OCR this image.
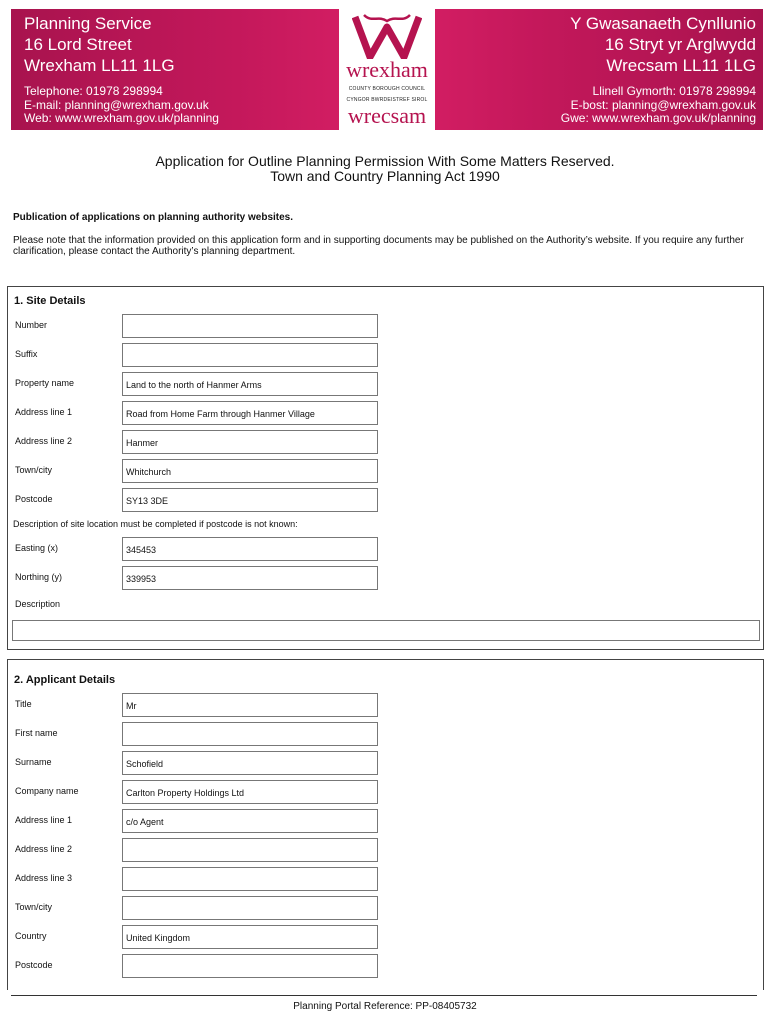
Planning Service

16 Lord Street

Wrexham LL11 1LG

Telephone: 01978 298994

E-mail: planning@wrexham.gov.uk

Web: www.wrexham.gov.uk/planning

wrexham
COUNTY BOROUGH COUNCIL
CYNGOR BWRDEISTREF SIROL
wrecsam

Y Gwasanaeth Cynllunio

16 Stryt yr Arglwydd

Wrecsam LL11 1LG

Llinell Gymorth: 01978 298994

E-bost: planning@wrexham.gov.uk

Gwe: www.wrexham.gov.uk/planning

Application for Outline Planning Permission With Some Matters Reserved.
Town and Country Planning Act 1990
Publication of applications on planning authority websites.
Please note that the information provided on this application form and in supporting documents may be published on the Authority’s website. If you require any further clarification, please contact the Authority’s planning department.
1. Site Details
Number
Suffix
Property name	Land to the north of Hanmer Arms
Address line 1	Road from Home Farm through Hanmer Village
Address line 2	Hanmer
Town/city	Whitchurch
Postcode	SY13 3DE
Description of site location must be completed if postcode is not known:
Easting (x)	345453
Northing (y)	339953
Description
2. Applicant Details
Title	Mr
First name
Surname	Schofield
Company name	Carlton Property Holdings Ltd
Address line 1	c/o Agent
Address line 2
Address line 3
Town/city
Country	United Kingdom
Postcode
Planning Portal Reference: PP-08405732
